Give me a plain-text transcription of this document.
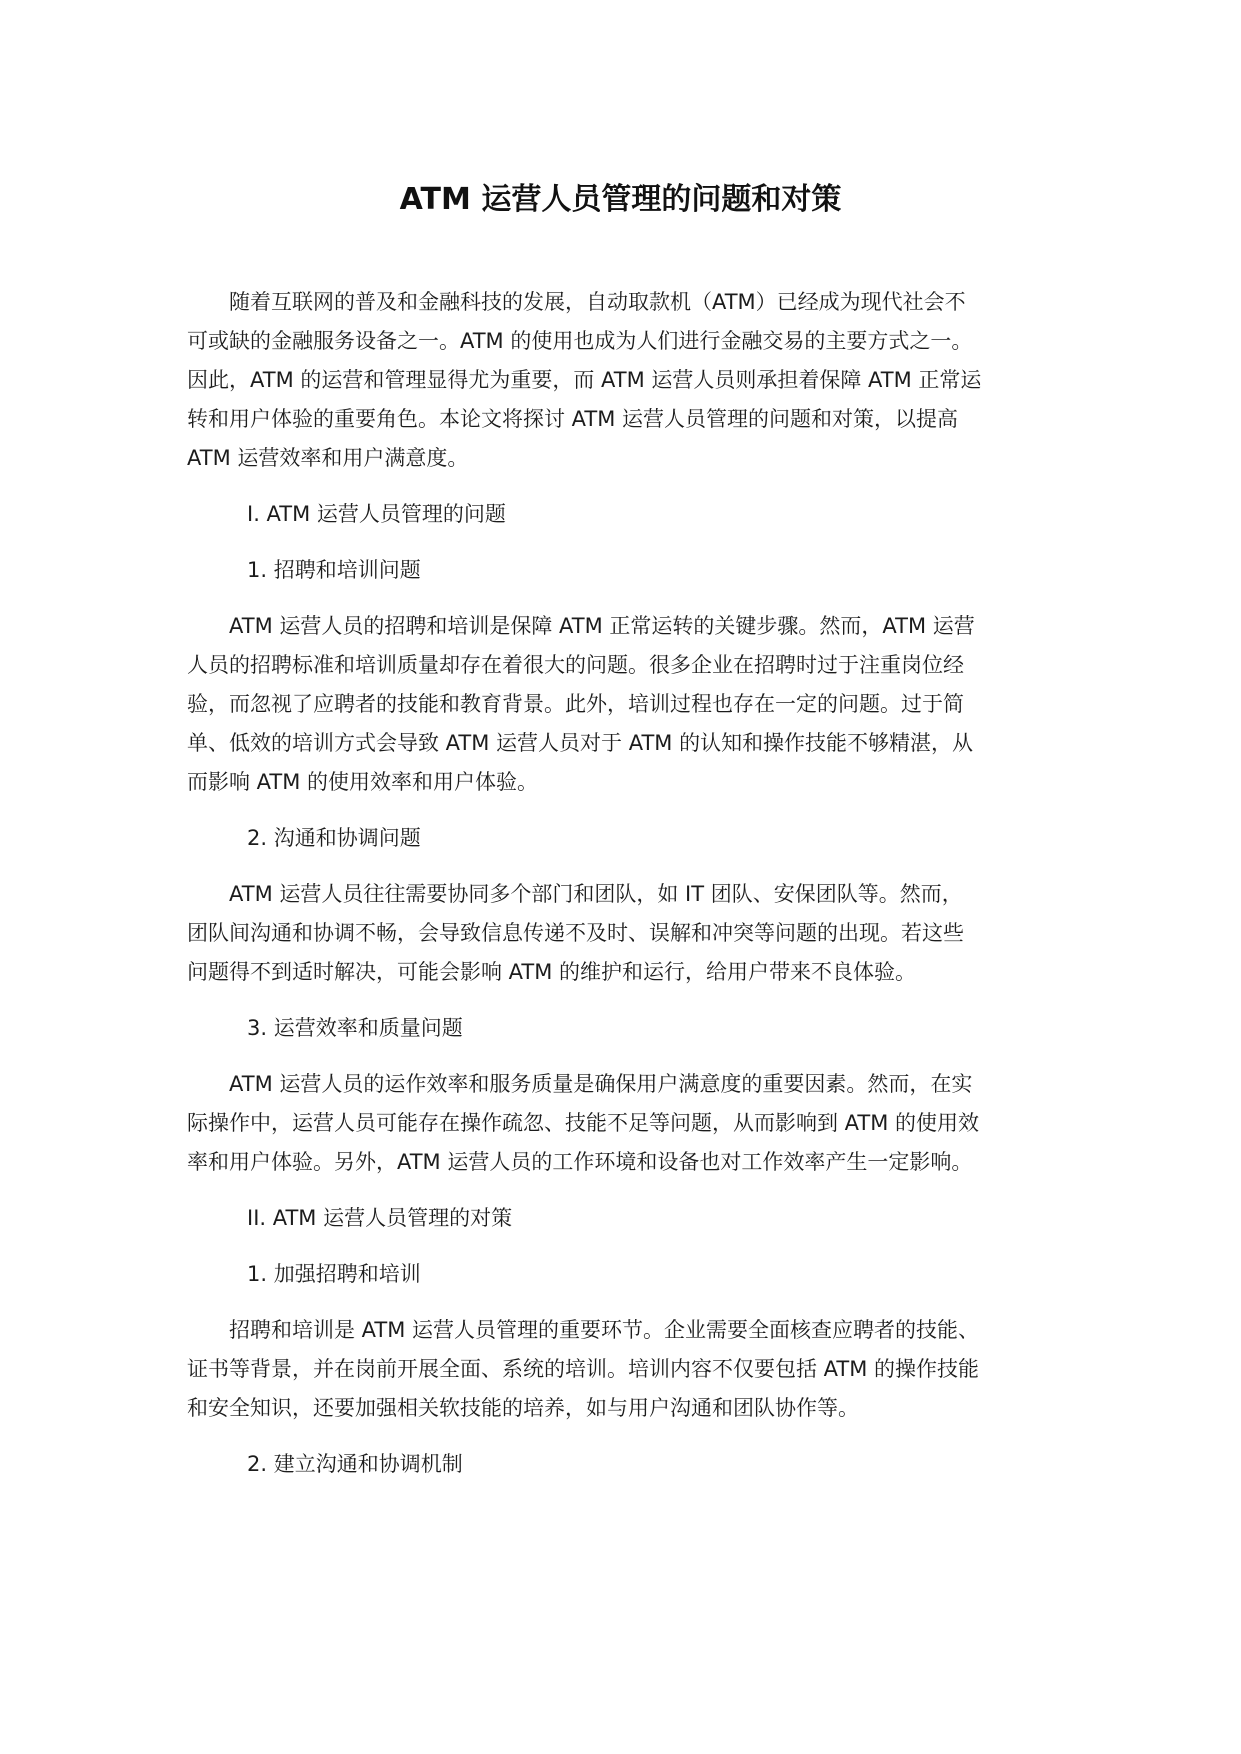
ATM 运营人员管理的问题和对策

随着互联网的普及和金融科技的发展，自动取款机（ATM）已经成为现代社会不
可或缺的金融服务设备之一。ATM 的使用也成为人们进行金融交易的主要方式之一。
因此，ATM 的运营和管理显得尤为重要，而 ATM 运营人员则承担着保障 ATM 正常运
转和用户体验的重要角色。本论文将探讨 ATM 运营人员管理的问题和对策，以提高
ATM 运营效率和用户满意度。

I. ATM 运营人员管理的问题
1. 招聘和培训问题

ATM 运营人员的招聘和培训是保障 ATM 正常运转的关键步骤。然而，ATM 运营
人员的招聘标准和培训质量却存在着很大的问题。很多企业在招聘时过于注重岗位经
验，而忽视了应聘者的技能和教育背景。此外，培训过程也存在一定的问题。过于简
单、低效的培训方式会导致 ATM 运营人员对于 ATM 的认知和操作技能不够精湛，从
而影响 ATM 的使用效率和用户体验。

2. 沟通和协调问题

ATM 运营人员往往需要协同多个部门和团队，如 IT 团队、安保团队等。然而，
团队间沟通和协调不畅，会导致信息传递不及时、误解和冲突等问题的出现。若这些
问题得不到适时解决，可能会影响 ATM 的维护和运行，给用户带来不良体验。

3. 运营效率和质量问题

ATM 运营人员的运作效率和服务质量是确保用户满意度的重要因素。然而，在实
际操作中，运营人员可能存在操作疏忽、技能不足等问题，从而影响到 ATM 的使用效
率和用户体验。另外，ATM 运营人员的工作环境和设备也对工作效率产生一定影响。

II. ATM 运营人员管理的对策
1. 加强招聘和培训

招聘和培训是 ATM 运营人员管理的重要环节。企业需要全面核查应聘者的技能、
证书等背景，并在岗前开展全面、系统的培训。培训内容不仅要包括 ATM 的操作技能
和安全知识，还要加强相关软技能的培养，如与用户沟通和团队协作等。

2. 建立沟通和协调机制
